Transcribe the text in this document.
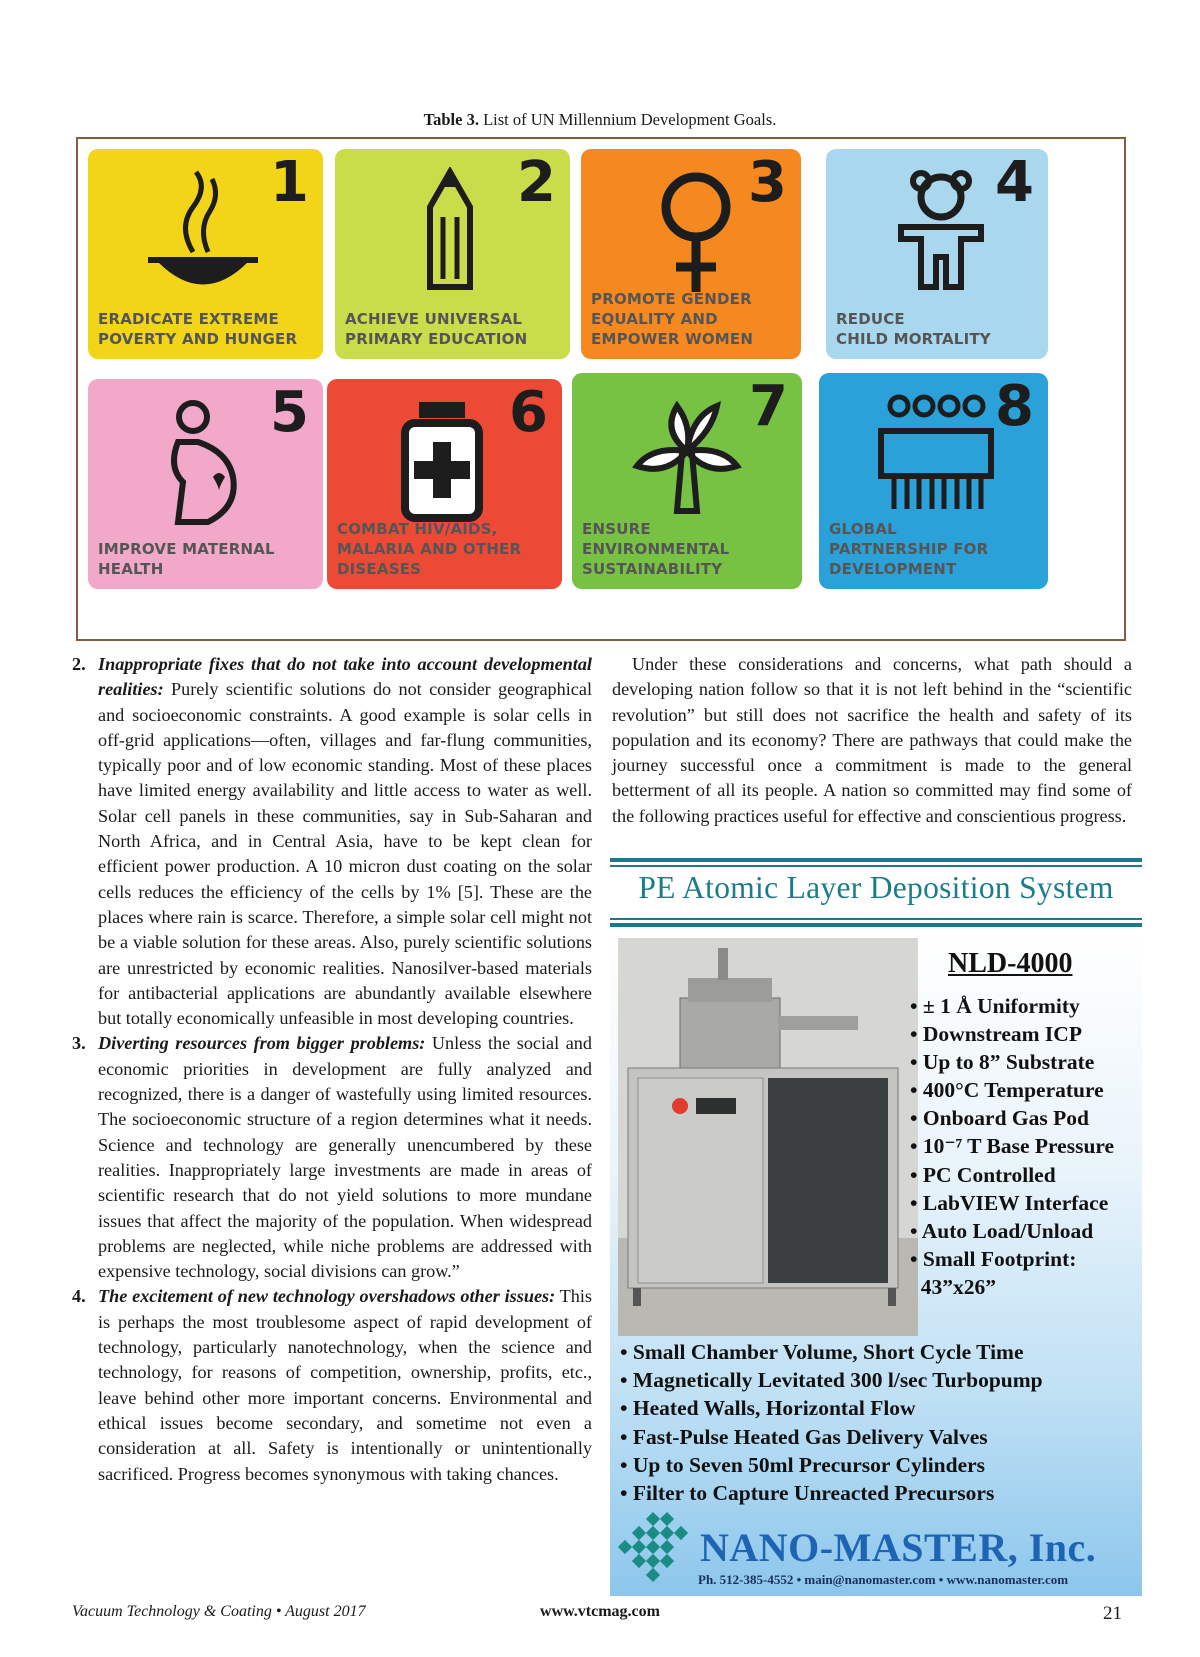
Table 3. List of UN Millennium Development Goals.
1
ERADICATE EXTREME
POVERTY AND HUNGER
2
ACHIEVE UNIVERSAL
PRIMARY EDUCATION
3
PROMOTE GENDER
EQUALITY AND
EMPOWER WOMEN
4
REDUCE
CHILD MORTALITY
5
IMPROVE MATERNAL
HEALTH
6
COMBAT HIV/AIDS,
MALARIA AND OTHER
DISEASES
7
ENSURE
ENVIRONMENTAL
SUSTAINABILITY
8
GLOBAL
PARTNERSHIP FOR
DEVELOPMENT
2. Inappropriate fixes that do not take into account developmental realities: Purely scientific solutions do not consider geographical and socioeconomic constraints. A good example is solar cells in off-grid applications—often, villages and far-flung communities, typically poor and of low economic standing. Most of these places have limited energy availability and little access to water as well. Solar cell panels in these communities, say in Sub-Saharan and North Africa, and in Central Asia, have to be kept clean for efficient power production. A 10 micron dust coating on the solar cells reduces the efficiency of the cells by 1% [5]. These are the places where rain is scarce. Therefore, a simple solar cell might not be a viable solution for these areas. Also, purely scientific solutions are unrestricted by economic realities. Nanosilver-based materials for antibacterial applications are abundantly available elsewhere but totally economically unfeasible in most developing countries.
3. Diverting resources from bigger problems: Unless the social and economic priorities in development are fully analyzed and recognized, there is a danger of wastefully using limited resources. The socioeconomic structure of a region determines what it needs. Science and technology are generally unencumbered by these realities. Inappropriately large investments are made in areas of scientific research that do not yield solutions to more mundane issues that affect the majority of the population. When widespread problems are neglected, while niche problems are addressed with expensive technology, social divisions can grow.”
4. The excitement of new technology overshadows other issues: This is perhaps the most troublesome aspect of rapid development of technology, particularly nanotechnology, when the science and technology, for reasons of competition, ownership, profits, etc., leave behind other more important concerns. Environmental and ethical issues become secondary, and sometime not even a consideration at all. Safety is intentionally or unintentionally sacrificed. Progress becomes synonymous with taking chances.

Under these considerations and concerns, what path should a developing nation follow so that it is not left behind in the “scientific revolution” but still does not sacrifice the health and safety of its population and its economy? There are pathways that could make the journey successful once a commitment is made to the general betterment of all its people. A nation so committed may find some of the following practices useful for effective and conscientious progress.

PE Atomic Layer Deposition System
NLD-4000
• ± 1 Å Uniformity
• Downstream ICP
• Up to 8” Substrate
• 400°C Temperature
• Onboard Gas Pod
• 10⁻⁷ T Base Pressure
• PC Controlled
• LabVIEW Interface
• Auto Load/Unload
• Small Footprint:
43”x26”
• Small Chamber Volume, Short Cycle Time
• Magnetically Levitated 300 l/sec Turbopump
• Heated Walls, Horizontal Flow
• Fast-Pulse Heated Gas Delivery Valves
• Up to Seven 50ml Precursor Cylinders
• Filter to Capture Unreacted Precursors
NANO-MASTER, Inc.
Ph. 512-385-4552 • main@nanomaster.com • www.nanomaster.com
Vacuum Technology & Coating • August 2017	www.vtcmag.com	21
